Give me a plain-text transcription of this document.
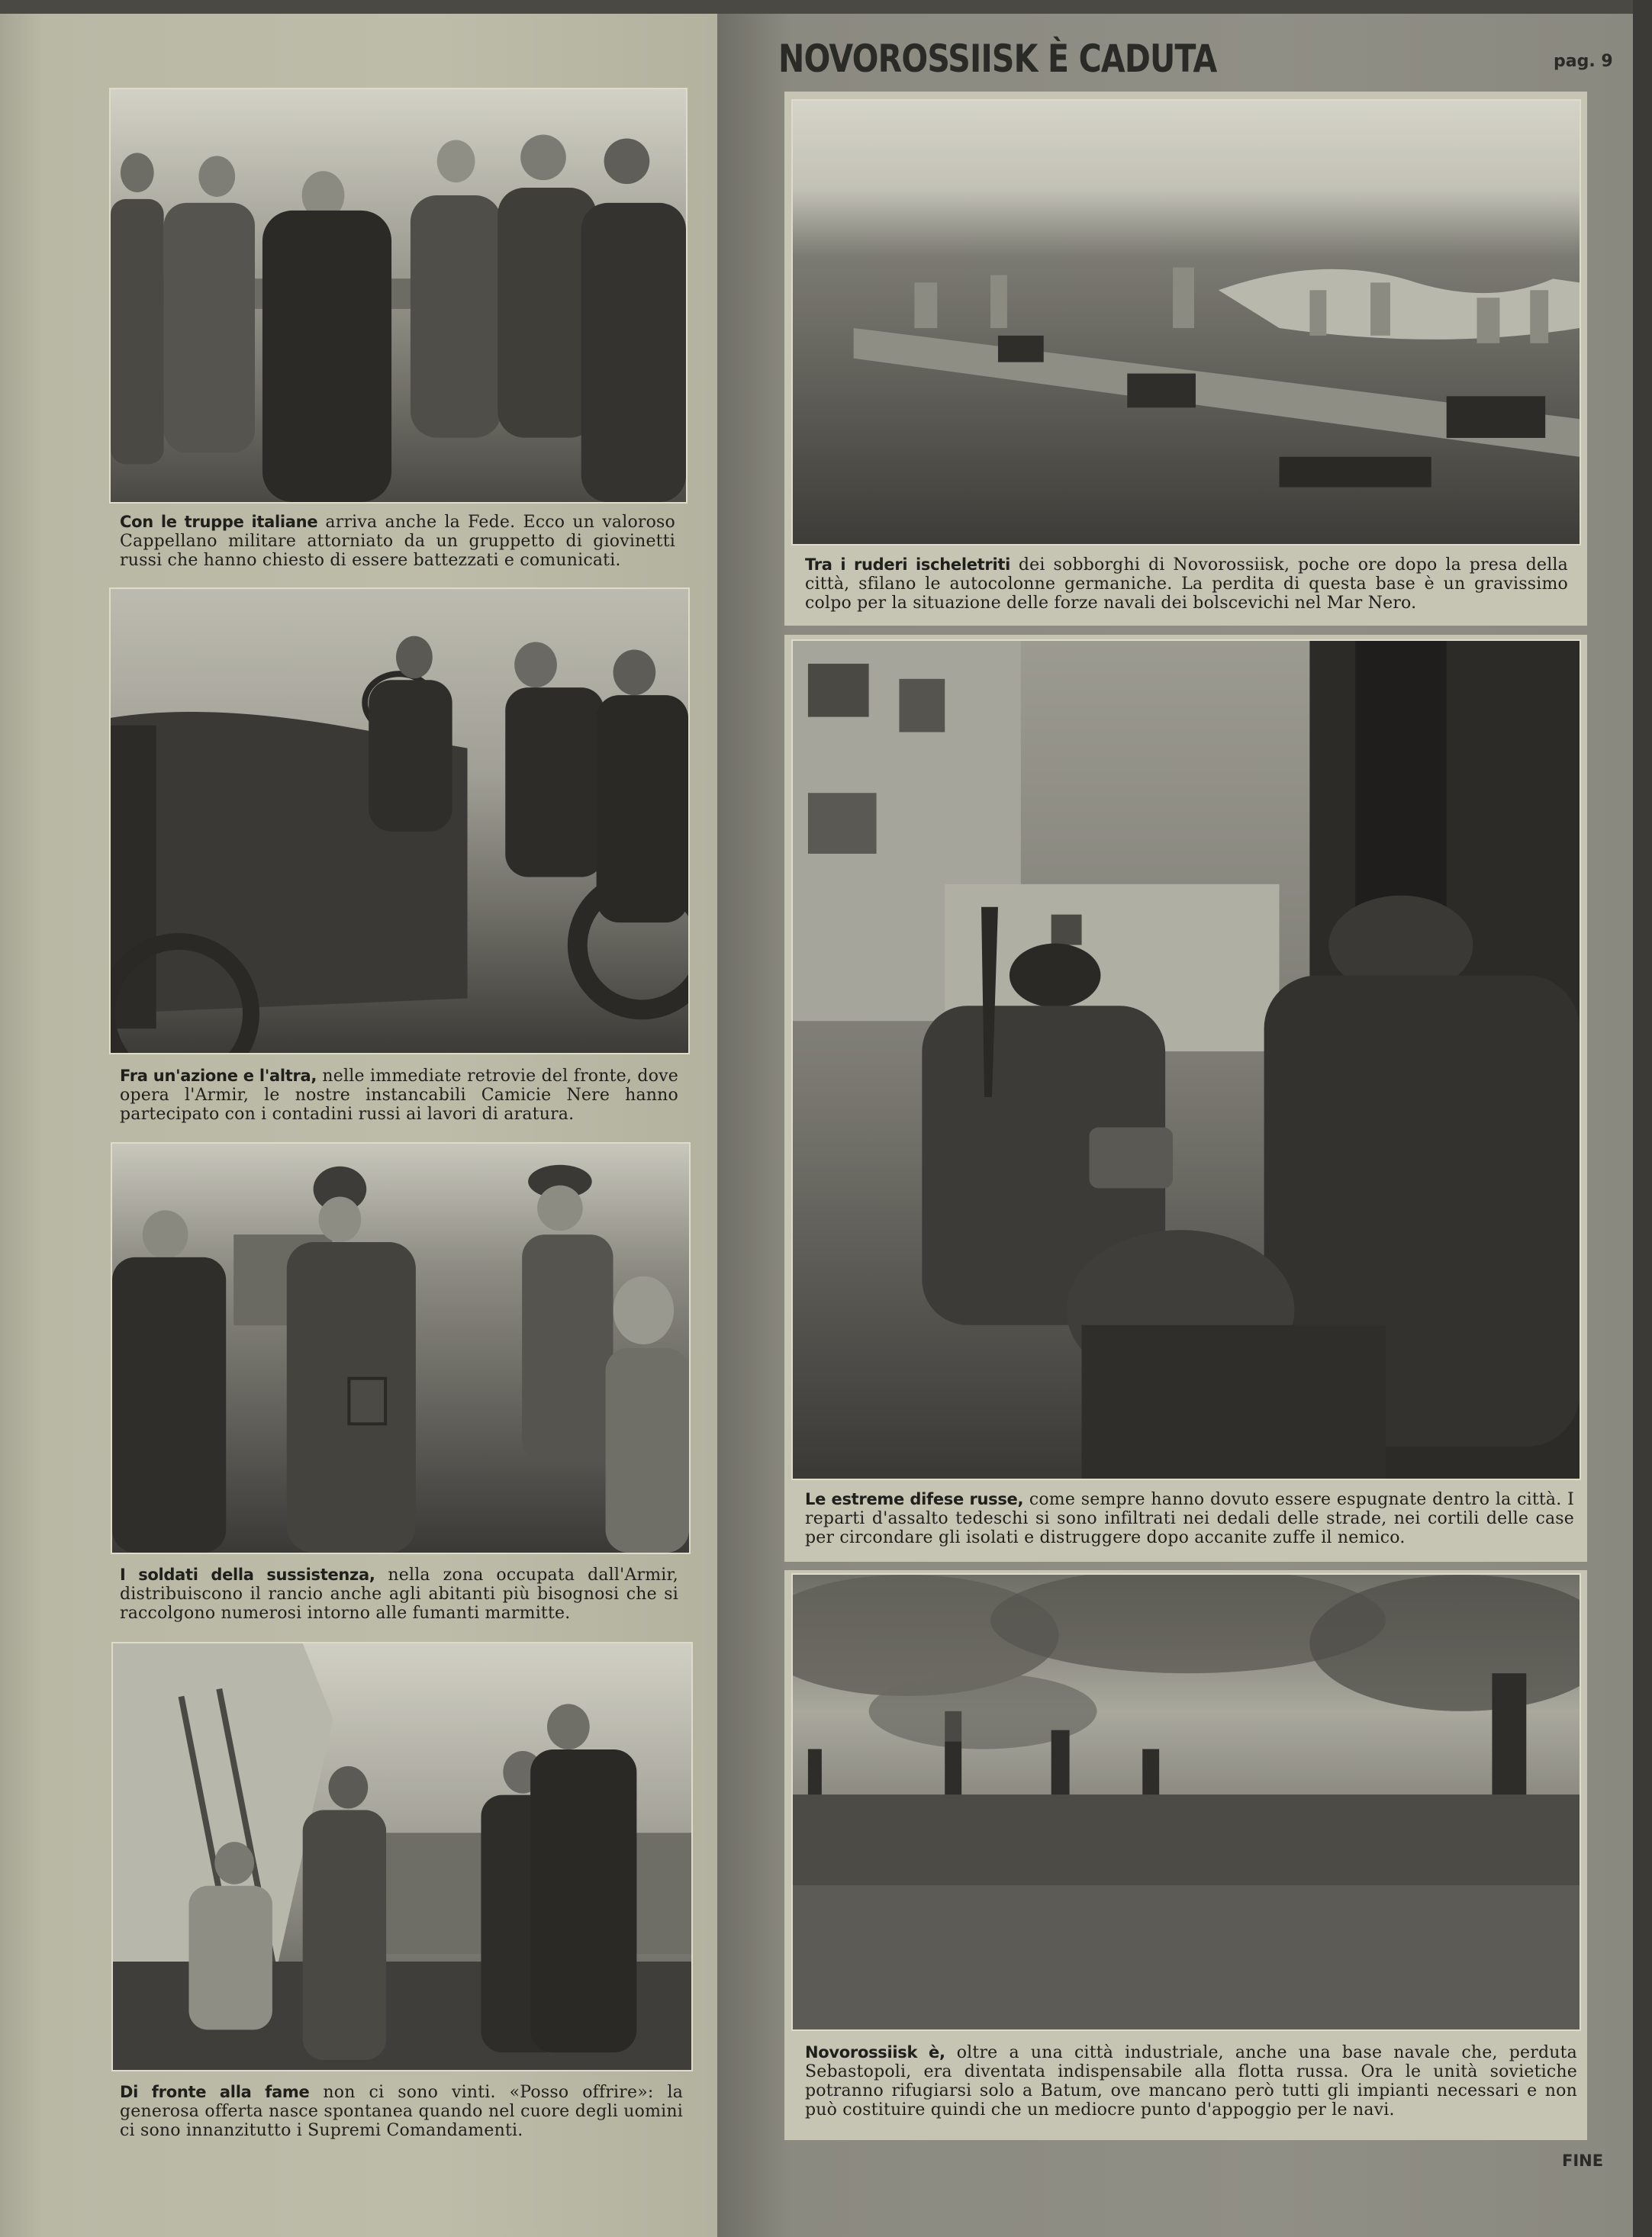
NOVOROSSIISK È CADUTA	pag. 9
Con le truppe italiane arriva anche la Fede. Ecco un valoroso Cappellano militare attorniato da un gruppetto di giovinetti russi che hanno chiesto di essere battezzati e comunicati.
Fra un'azione e l'altra, nelle immediate retrovie del fronte, dove opera l'Armir, le nostre instancabili Camicie Nere hanno partecipato con i contadini russi ai lavori di aratura.
I soldati della sussistenza, nella zona occupata dall'Armir, distribuiscono il rancio anche agli abitanti più bisognosi che si raccolgono numerosi intorno alle fumanti marmitte.
Di fronte alla fame non ci sono vinti. «Posso offrire»: la generosa offerta nasce spontanea quando nel cuore degli uomini ci sono innanzitutto i Supremi Comandamenti.
Tra i ruderi ischeletriti dei sobborghi di Novorossiisk, poche ore dopo la presa della città, sfilano le autocolonne germaniche. La perdita di questa base è un gravissimo colpo per la situazione delle forze navali dei bolscevichi nel Mar Nero.
Le estreme difese russe, come sempre hanno dovuto essere espugnate dentro la città. I reparti d'assalto tedeschi si sono infiltrati nei dedali delle strade, nei cortili delle case per circondare gli isolati e distruggere dopo accanite zuffe il nemico.
Novorossiisk è, oltre a una città industriale, anche una base navale che, perduta Sebastopoli, era diventata indispensabile alla flotta russa. Ora le unità sovietiche potranno rifugiarsi solo a Batum, ove mancano però tutti gli impianti necessari e non può costituire quindi che un mediocre punto d'appoggio per le navi.
FINE
